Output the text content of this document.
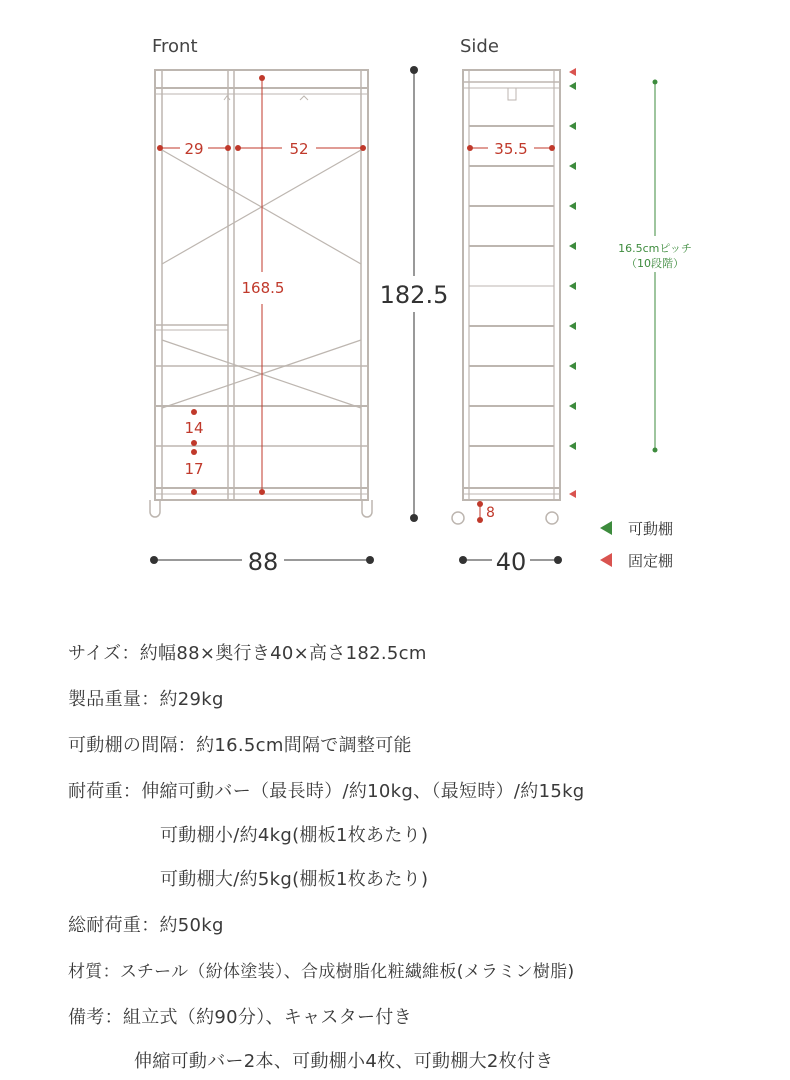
Front	Side
29	52
168.5
14
17
88
182.5
35.5
8
40
16.5cmピッチ
（10段階）
可動棚
固定棚
サイズ：約幅88×奥行き40×高さ182.5cm
製品重量：約29kg
可動棚の間隔：約16.5cm間隔で調整可能
耐荷重：伸縮可動バー（最長時）/約10kg、（最短時）/約15kg
可動棚小/約4kg(棚板1枚あたり)
可動棚大/約5kg(棚板1枚あたり)
総耐荷重：約50kg
材質：スチール（紛体塗装）、合成樹脂化粧繊維板(メラミン樹脂)
備考：組立式（約90分）、キャスター付き
伸縮可動バー2本、可動棚小4枚、可動棚大2枚付き
